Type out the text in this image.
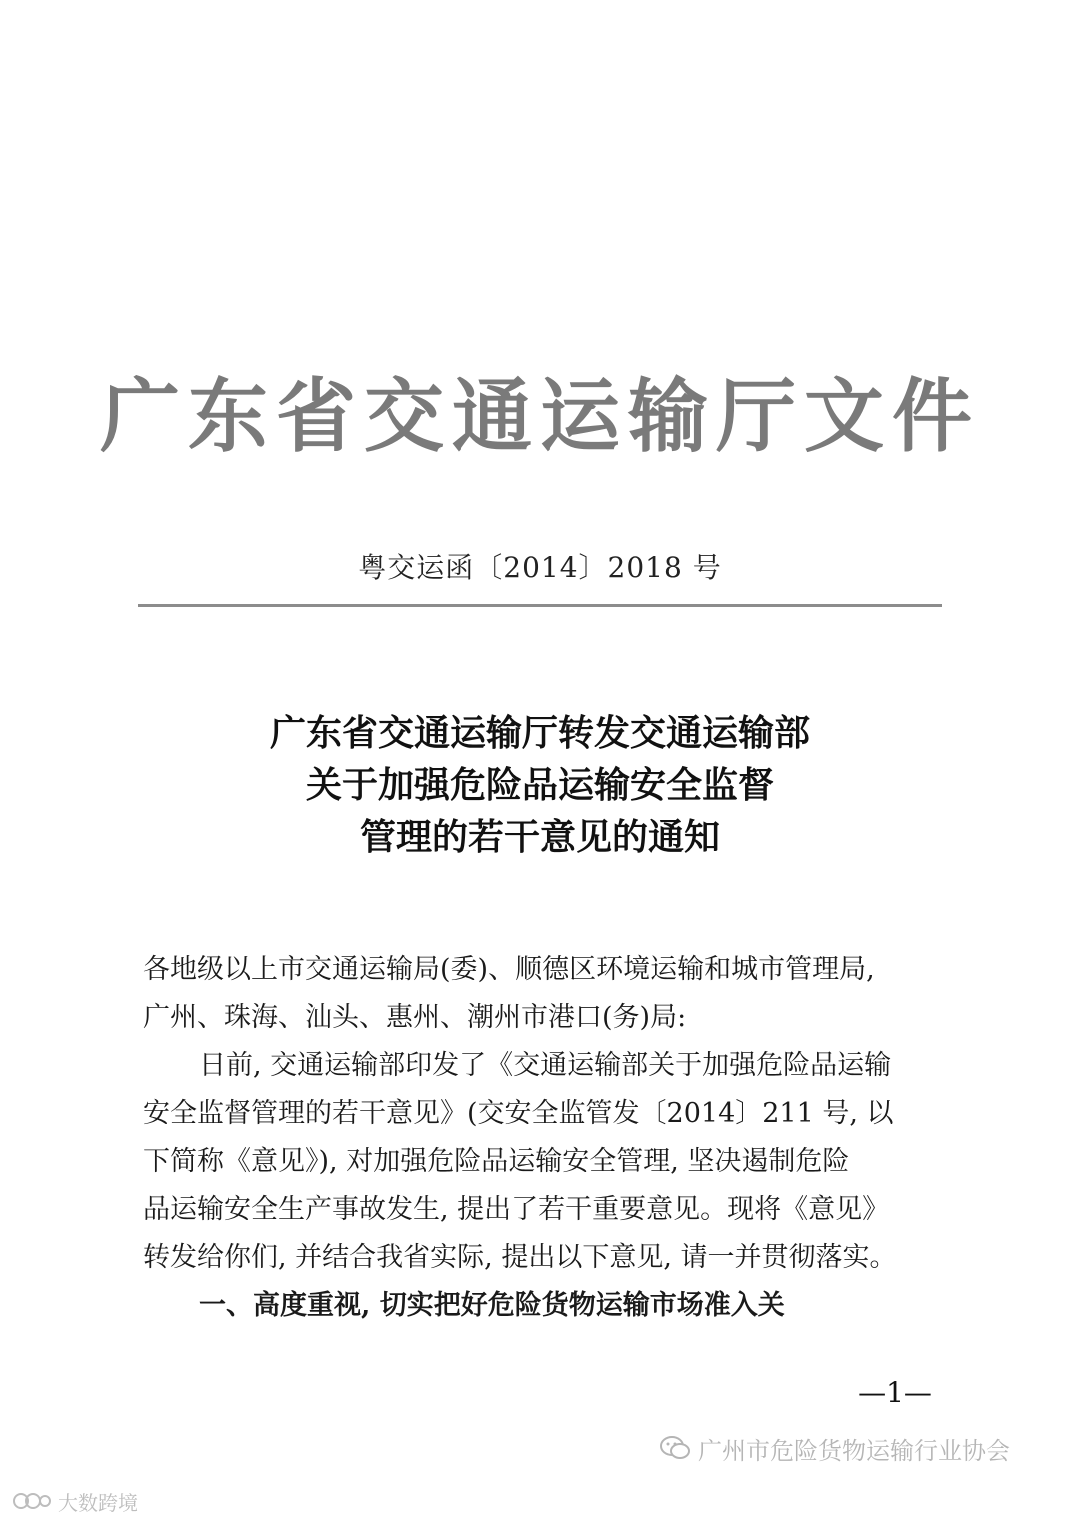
广东省交通运输厅文件
粤交运函〔2014〕2018 号
广东省交通运输厅转发交通运输部
关于加强危险品运输安全监督
管理的若干意见的通知
各地级以上市交通运输局(委)、顺德区环境运输和城市管理局,
广州、珠海、汕头、惠州、潮州市港口(务)局:
日前, 交通运输部印发了《交通运输部关于加强危险品运输
安全监督管理的若干意见》(交安全监管发〔2014〕211 号, 以
下简称《意见》), 对加强危险品运输安全管理, 坚决遏制危险
品运输安全生产事故发生, 提出了若干重要意见。现将《意见》
转发给你们, 并结合我省实际, 提出以下意见, 请一并贯彻落实。
一、高度重视, 切实把好危险货物运输市场准入关
—1—
广州市危险货物运输行业协会
大数跨境
